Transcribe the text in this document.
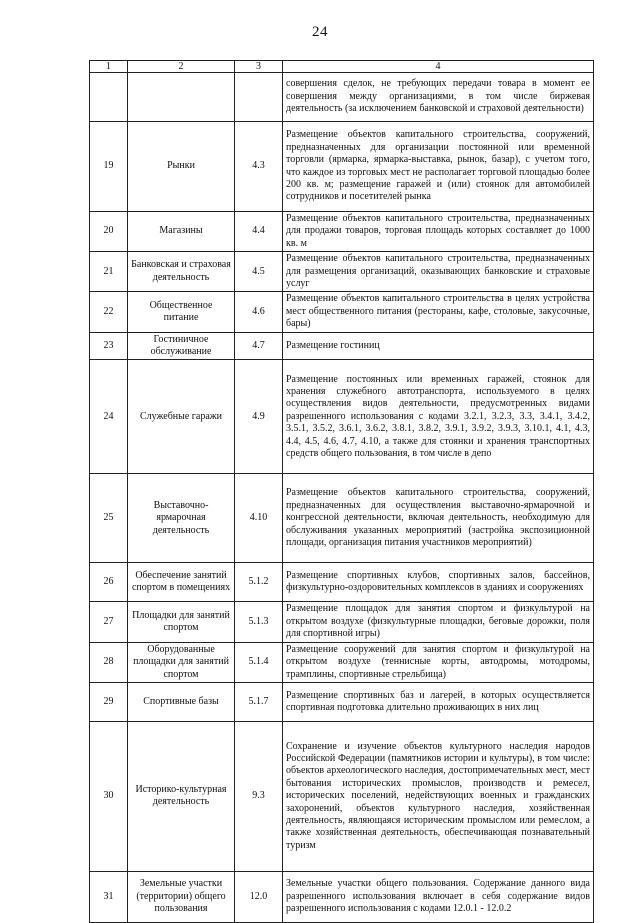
24
1	2	3	4
			совершения сделок, не требующих передачи товара в момент ее совершения между организациями, в том числе биржевая деятельность (за исключением банковской и страховой деятельности)
19	Рынки	4.3	Размещение объектов капитального строительства, сооружений, предназначенных для организации постоянной или временной торговли (ярмарка, ярмарка-выставка, рынок, базар), с учетом того, что каждое из торговых мест не располагает торговой площадью более 200 кв. м; размещение гаражей и (или) стоянок для автомобилей сотрудников и посетителей рынка
20	Магазины	4.4	Размещение объектов капитального строительства, предназначенных для продажи товаров, торговая площадь которых составляет до 1000 кв. м
21	Банковская и страховая деятельность	4.5	Размещение объектов капитального строительства, предназначенных для размещения организаций, оказывающих банковские и страховые услуг
22	Общественное питание	4.6	Размещение объектов капитального строительства в целях устройства мест общественного питания (рестораны, кафе, столовые, закусочные, бары)
23	Гостиничное обслуживание	4.7	Размещение гостиниц
24	Служебные гаражи	4.9	Размещение постоянных или временных гаражей, стоянок для хранения служебного автотранспорта, используемого в целях осуществления видов деятельности, предусмотренных видами разрешенного использования с кодами 3.2.1, 3.2.3, 3.3, 3.4.1, 3.4.2, 3.5.1, 3.5.2, 3.6.1, 3.6.2, 3.8.1, 3.8.2, 3.9.1, 3.9.2, 3.9.3, 3.10.1, 4.1, 4.3, 4.4, 4.5, 4.6, 4.7, 4.10, а также для стоянки и хранения транспортных средств общего пользования, в том числе в депо
25	Выставочно-ярмарочная деятельность	4.10	Размещение объектов капитального строительства, сооружений, предназначенных для осуществления выставочно-ярмарочной и конгрессной деятельности, включая деятельность, необходимую для обслуживания указанных мероприятий (застройка экспозиционной площади, организация питания участников мероприятий)
26	Обеспечение занятий спортом в помещениях	5.1.2	Размещение спортивных клубов, спортивных залов, бассейнов, физкультурно-оздоровительных комплексов в зданиях и сооружениях
27	Площадки для занятий спортом	5.1.3	Размещение площадок для занятия спортом и физкультурой на открытом воздухе (физкультурные площадки, беговые дорожки, поля для спортивной игры)
28	Оборудованные площадки для занятий спортом	5.1.4	Размещение сооружений для занятия спортом и физкультурой на открытом воздухе (теннисные корты, автодромы, мотодромы, трамплины, спортивные стрельбища)
29	Спортивные базы	5.1.7	Размещение спортивных баз и лагерей, в которых осуществляется спортивная подготовка длительно проживающих в них лиц
30	Историко-культурная деятельность	9.3	Сохранение и изучение объектов культурного наследия народов Российской Федерации (памятников истории и культуры), в том числе: объектов археологического наследия, достопримечательных мест, мест бытования исторических промыслов, производств и ремесел, исторических поселений, недействующих военных и гражданских захоронений, объектов культурного наследия, хозяйственная деятельность, являющаяся историческим промыслом или ремеслом, а также хозяйственная деятельность, обеспечивающая познавательный туризм
31	Земельные участки (территории) общего пользования	12.0	Земельные участки общего пользования. Содержание данного вида разрешенного использования включает в себя содержание видов разрешенного использования с кодами 12.0.1 - 12.0.2
